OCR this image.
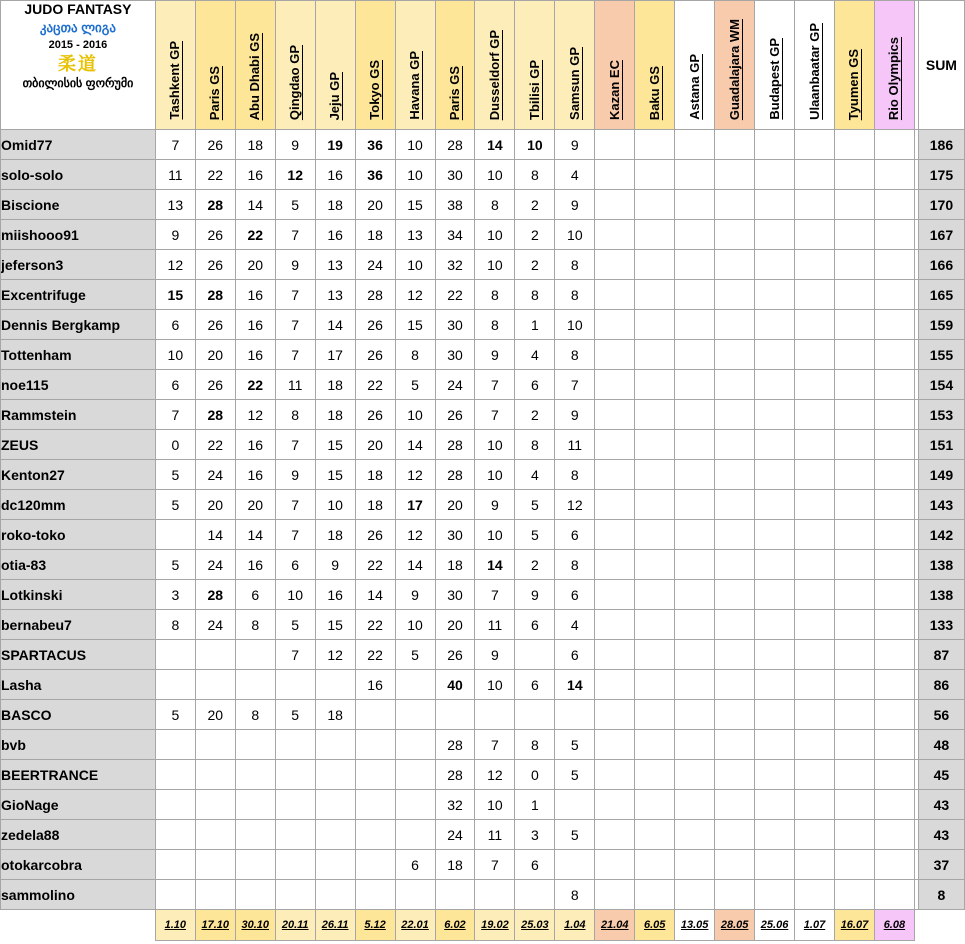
JUDO FANTASY
კაცთა ლიგა
2015 - 2016
柔道
თბილისის ფორუმი	Tashkent GP	Paris GS	Abu Dhabi GS	Qingdao GP	Jeju GP	Tokyo GS	Havana GP	Paris GS	Dusseldorf GP	Tbilisi GP	Samsun GP	Kazan EC	Baku GS	Astana GP	Guadalajara WM	Budapest GP	Ulaanbaatar GP	Tyumen GS	Rio Olympics		SUM
Omid77	7	26	18	9	19	36	10	28	14	10	9										186
solo-solo	11	22	16	12	16	36	10	30	10	8	4										175
Biscione	13	28	14	5	18	20	15	38	8	2	9										170
miishooo91	9	26	22	7	16	18	13	34	10	2	10										167
jeferson3	12	26	20	9	13	24	10	32	10	2	8										166
Excentrifuge	15	28	16	7	13	28	12	22	8	8	8										165
Dennis Bergkamp	6	26	16	7	14	26	15	30	8	1	10										159
Tottenham	10	20	16	7	17	26	8	30	9	4	8										155
noe115	6	26	22	11	18	22	5	24	7	6	7										154
Rammstein	7	28	12	8	18	26	10	26	7	2	9										153
ZEUS	0	22	16	7	15	20	14	28	10	8	11										151
Kenton27	5	24	16	9	15	18	12	28	10	4	8										149
dc120mm	5	20	20	7	10	18	17	20	9	5	12										143
roko-toko		14	14	7	18	26	12	30	10	5	6										142
otia-83	5	24	16	6	9	22	14	18	14	2	8										138
Lotkinski	3	28	6	10	16	14	9	30	7	9	6										138
bernabeu7	8	24	8	5	15	22	10	20	11	6	4										133
SPARTACUS				7	12	22	5	26	9		6										87
Lasha						16		40	10	6	14										86
BASCO	5	20	8	5	18																56
bvb								28	7	8	5										48
BEERTRANCE								28	12	0	5										45
GioNage								32	10	1											43
zedela88								24	11	3	5										43
otokarcobra							6	18	7	6											37
sammolino											8										8
	1.10	17.10	30.10	20.11	26.11	5.12	22.01	6.02	19.02	25.03	1.04	21.04	6.05	13.05	28.05	25.06	1.07	16.07	6.08		
